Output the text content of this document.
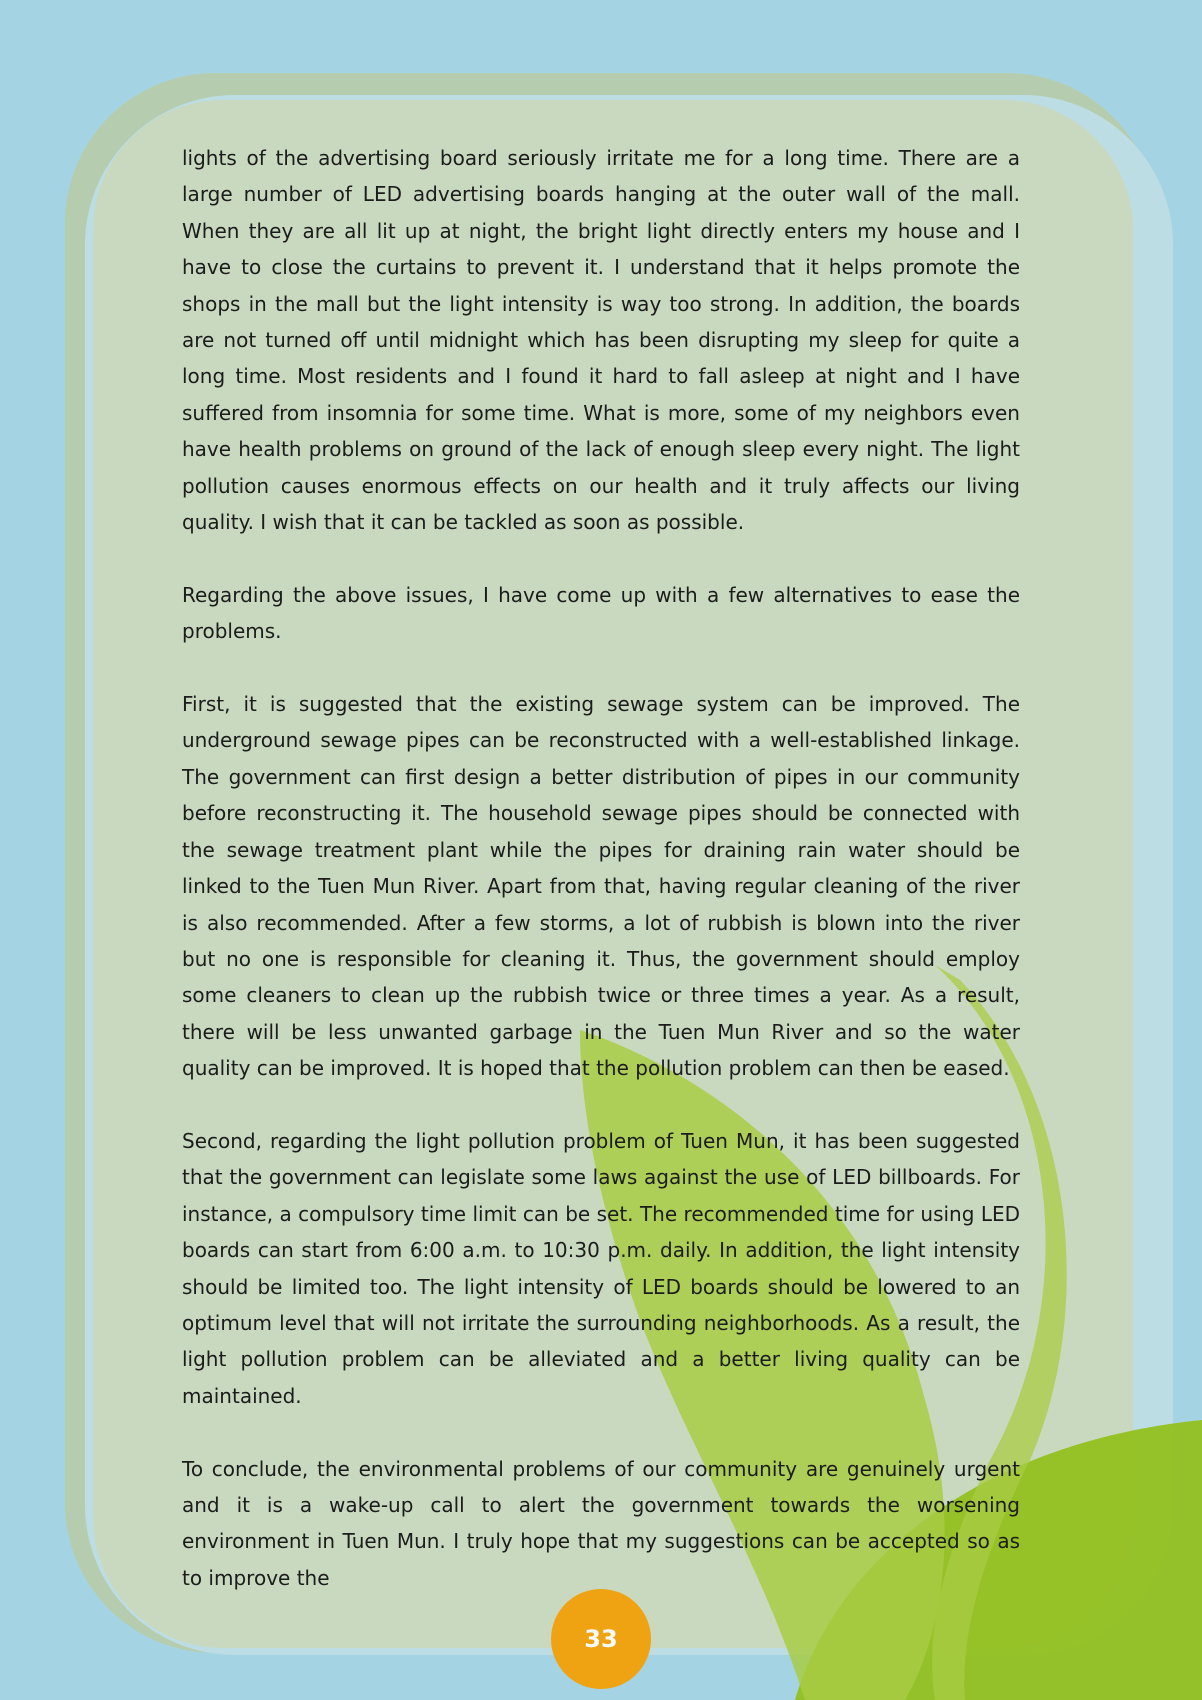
lights of the advertising board seriously irritate me for a long time. There are a large number of LED advertising boards hanging at the outer wall of the mall. When they are all lit up at night, the bright light directly enters my house and I have to close the curtains to prevent it. I understand that it helps promote the shops in the mall but the light intensity is way too strong. In addition, the boards are not turned off until midnight which has been disrupting my sleep for quite a long time. Most residents and I found it hard to fall asleep at night and I have suffered from insomnia for some time. What is more, some of my neighbors even have health problems on ground of the lack of enough sleep every night. The light pollution causes enormous effects on our health and it truly affects our living quality. I wish that it can be tackled as soon as possible.

Regarding the above issues, I have come up with a few alternatives to ease the problems.

First, it is suggested that the existing sewage system can be improved. The underground sewage pipes can be reconstructed with a well-established linkage. The government can first design a better distribution of pipes in our community before reconstructing it. The household sewage pipes should be connected with the sewage treatment plant while the pipes for draining rain water should be linked to the Tuen Mun River. Apart from that, having regular cleaning of the river is also recommended. After a few storms, a lot of rubbish is blown into the river but no one is responsible for cleaning it. Thus, the government should employ some cleaners to clean up the rubbish twice or three times a year. As a result, there will be less unwanted garbage in the Tuen Mun River and so the water quality can be improved. It is hoped that the pollution problem can then be eased.

Second, regarding the light pollution problem of Tuen Mun, it has been suggested that the government can legislate some laws against the use of LED billboards. For instance, a compulsory time limit can be set. The recommended time for using LED boards can start from 6:00 a.m. to 10:30 p.m. daily. In addition, the light intensity should be limited too. The light intensity of LED boards should be lowered to an optimum level that will not irritate the surrounding neighborhoods. As a result, the light pollution problem can be alleviated and a better living quality can be maintained.

To conclude, the environmental problems of our community are genuinely urgent and it is a wake-up call to alert the government towards the worsening environment in Tuen Mun. I truly hope that my suggestions can be accepted so as to improve the

33
